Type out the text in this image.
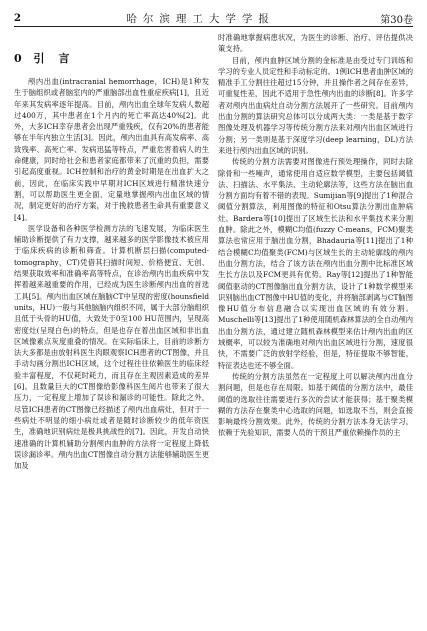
2	哈尔滨理工大学学报	第30卷
0 引 言

颅内出血(intracranial hemorrhage，ICH)是1种发生于脑组织或者脑室内的严重脑部出血性重症疾病[1]，且近年来其发病率逐年提高。目前，颅内出血全球年发病人数超过400万，其中患者在1个月内的死亡率高达40%[2]。此外，大多ICH幸存患者会出现严重残疾，仅有20%的患者能够在半年内独立生活[3]。因此，颅内出血具有高发病率、高致残率、高死亡率、发病迅猛等特点，严重危害着病人的生命健康，同时给社会和患者家庭都带来了沉重的负担，需要引起高度重视。ICH控制和治疗的黄金时期是在出血扩大之前，因此，在临床实践中早期对ICH区域进行精准快速分割，可以帮助医生更全面、定量地掌握颅内出血区域的情况，制定更好的治疗方案，对于挽救患者生命具有重要意义[4]。

医学设备和各种医学检测方法的飞速发展，为临床医生辅助诊断提供了有力支撑，越来越多的医学影像技术被应用于临床疾病的诊断和筛查。计算机断层扫描(computed-tomography，CT)凭借其扫描时间短、价格便宜、无创、结果获取效率和准确率高等特点，在诊治颅内出血疾病中发挥着越来越重要的作用，已经成为医生诊断颅内出血的首选工具[5]。颅内出血区域在脑脑CT中呈现的密度(hounsfield units，HU)一般与其他脑脑内组织不同，属于大部分脑组织且低于头骨的HU值，大致处于0至100 HU范围内，呈现高密度灶(呈现白色)的特点，但是也存在着出血区域和非出血区域像素点灰度重叠的情况。在实际临床上，目前的诊断方法大多都是由放射科医生肉眼观察ICH患者的CT图像，并且手动勾画分割出ICH区域，这个过程往往依赖医生的临床经验丰富程度，不仅耗时耗力，而且存在主观因素造成的差异[6]。且数量巨大的CT图像给影像科医生阅片也带来了很大压力，一定程度上增加了误诊和漏诊的可能性。除此之外，尽管ICH患者的CT图像已经描述了颅内出血病灶，但对于一些病灶不明显的细小病灶或者是随时诊断较少的低年资医生，准确地识别病灶是极具挑战性的[7]。因此，开发自动快速准确的计算机辅助分割颅内血肿的方法将一定程度上降低误诊漏诊率。颅内出血CT图像自动分割方法能够辅助医生更加及

时准确地掌握病患状况，为医生的诊断、治疗、评估提供决策支持。

目前，颅内血肿区域分割的金标准是由受过专门训练和学习的专业人员定性和手动标定的。1例ICH患者血肿区域的精准手工分割往往超过15分钟，并且操作者之间存在差异，可重复性差，因此不适用于急性颅内出血的诊断[8]。许多学者对颅内出血病灶自动分割方法展开了一些研究。目前颅内出血分割的算法研究总体可以分成两大类：一类是基于数字图像处理及机器学习等传统分割方法来对颅内出血区域进行分割；另一类则是基于深度学习(deep learning，DL)方法来进行颅内出血区域的识别。

传统的分割方法需要对图像进行预处理操作，同时去除除骨和一些噪声，通常使用自适应数学模型，主要包括阈值法、扫描法、水平集法、主动轮廓法等，这些方法在脑出血分割方面均有着不错的表现。Sumijian等[9]提出了1种混合阈值分割算法，利用图像的特征和Otsu算法分割出血肿病灶。Bardera等[10]提出了区域生长法和水平集技术来分割血肿。除此之外，模糊C均值(fuzzy C-means，FCM)聚类算法也常应用于脑出血分割，Bhadauria等[11]提出了1种结合模糊C均值聚类(FCM)与区域生长的主动轮廓线的颅内出血分割方法，结合了该方法在颅内出血分割中比标准区域生长方法以及FCM更具有优势。Ray等[12]提出了1种智能阈值驱动的CT图像脑出血分割方法，设计了1种数学模型来识别脑出血CT图像中HU值的变化，并将脑部剥离与CT脑图像HU值分布信息融合以实现出血区域的有效分割。Muschelli等[13]提出了1种使用随机森林算法的全自动颅内出血分割方法，通过建立随机森林模型来估计颅内出血的区域概率，可以较为准确地对颅内出血区域进行分割，速度很快，不需要广泛的放射学经验，但是，特征提取不够智能，特征表达也还不够全面。

传统的分割方法虽然在一定程度上可以解决颅内出血分割问题，但是也存在局限。如基于阈值的分割方法中，最佳阈值的选取往往需要进行多次的尝试才能获得；基于聚类模糊的方法存在聚类中心选取的问题，如选取不当，则会直接影响最终分割效果。此外，传统的分割方法本身无法学习，依赖于先验知识，需要人员的干预且严重依赖操作员的主
